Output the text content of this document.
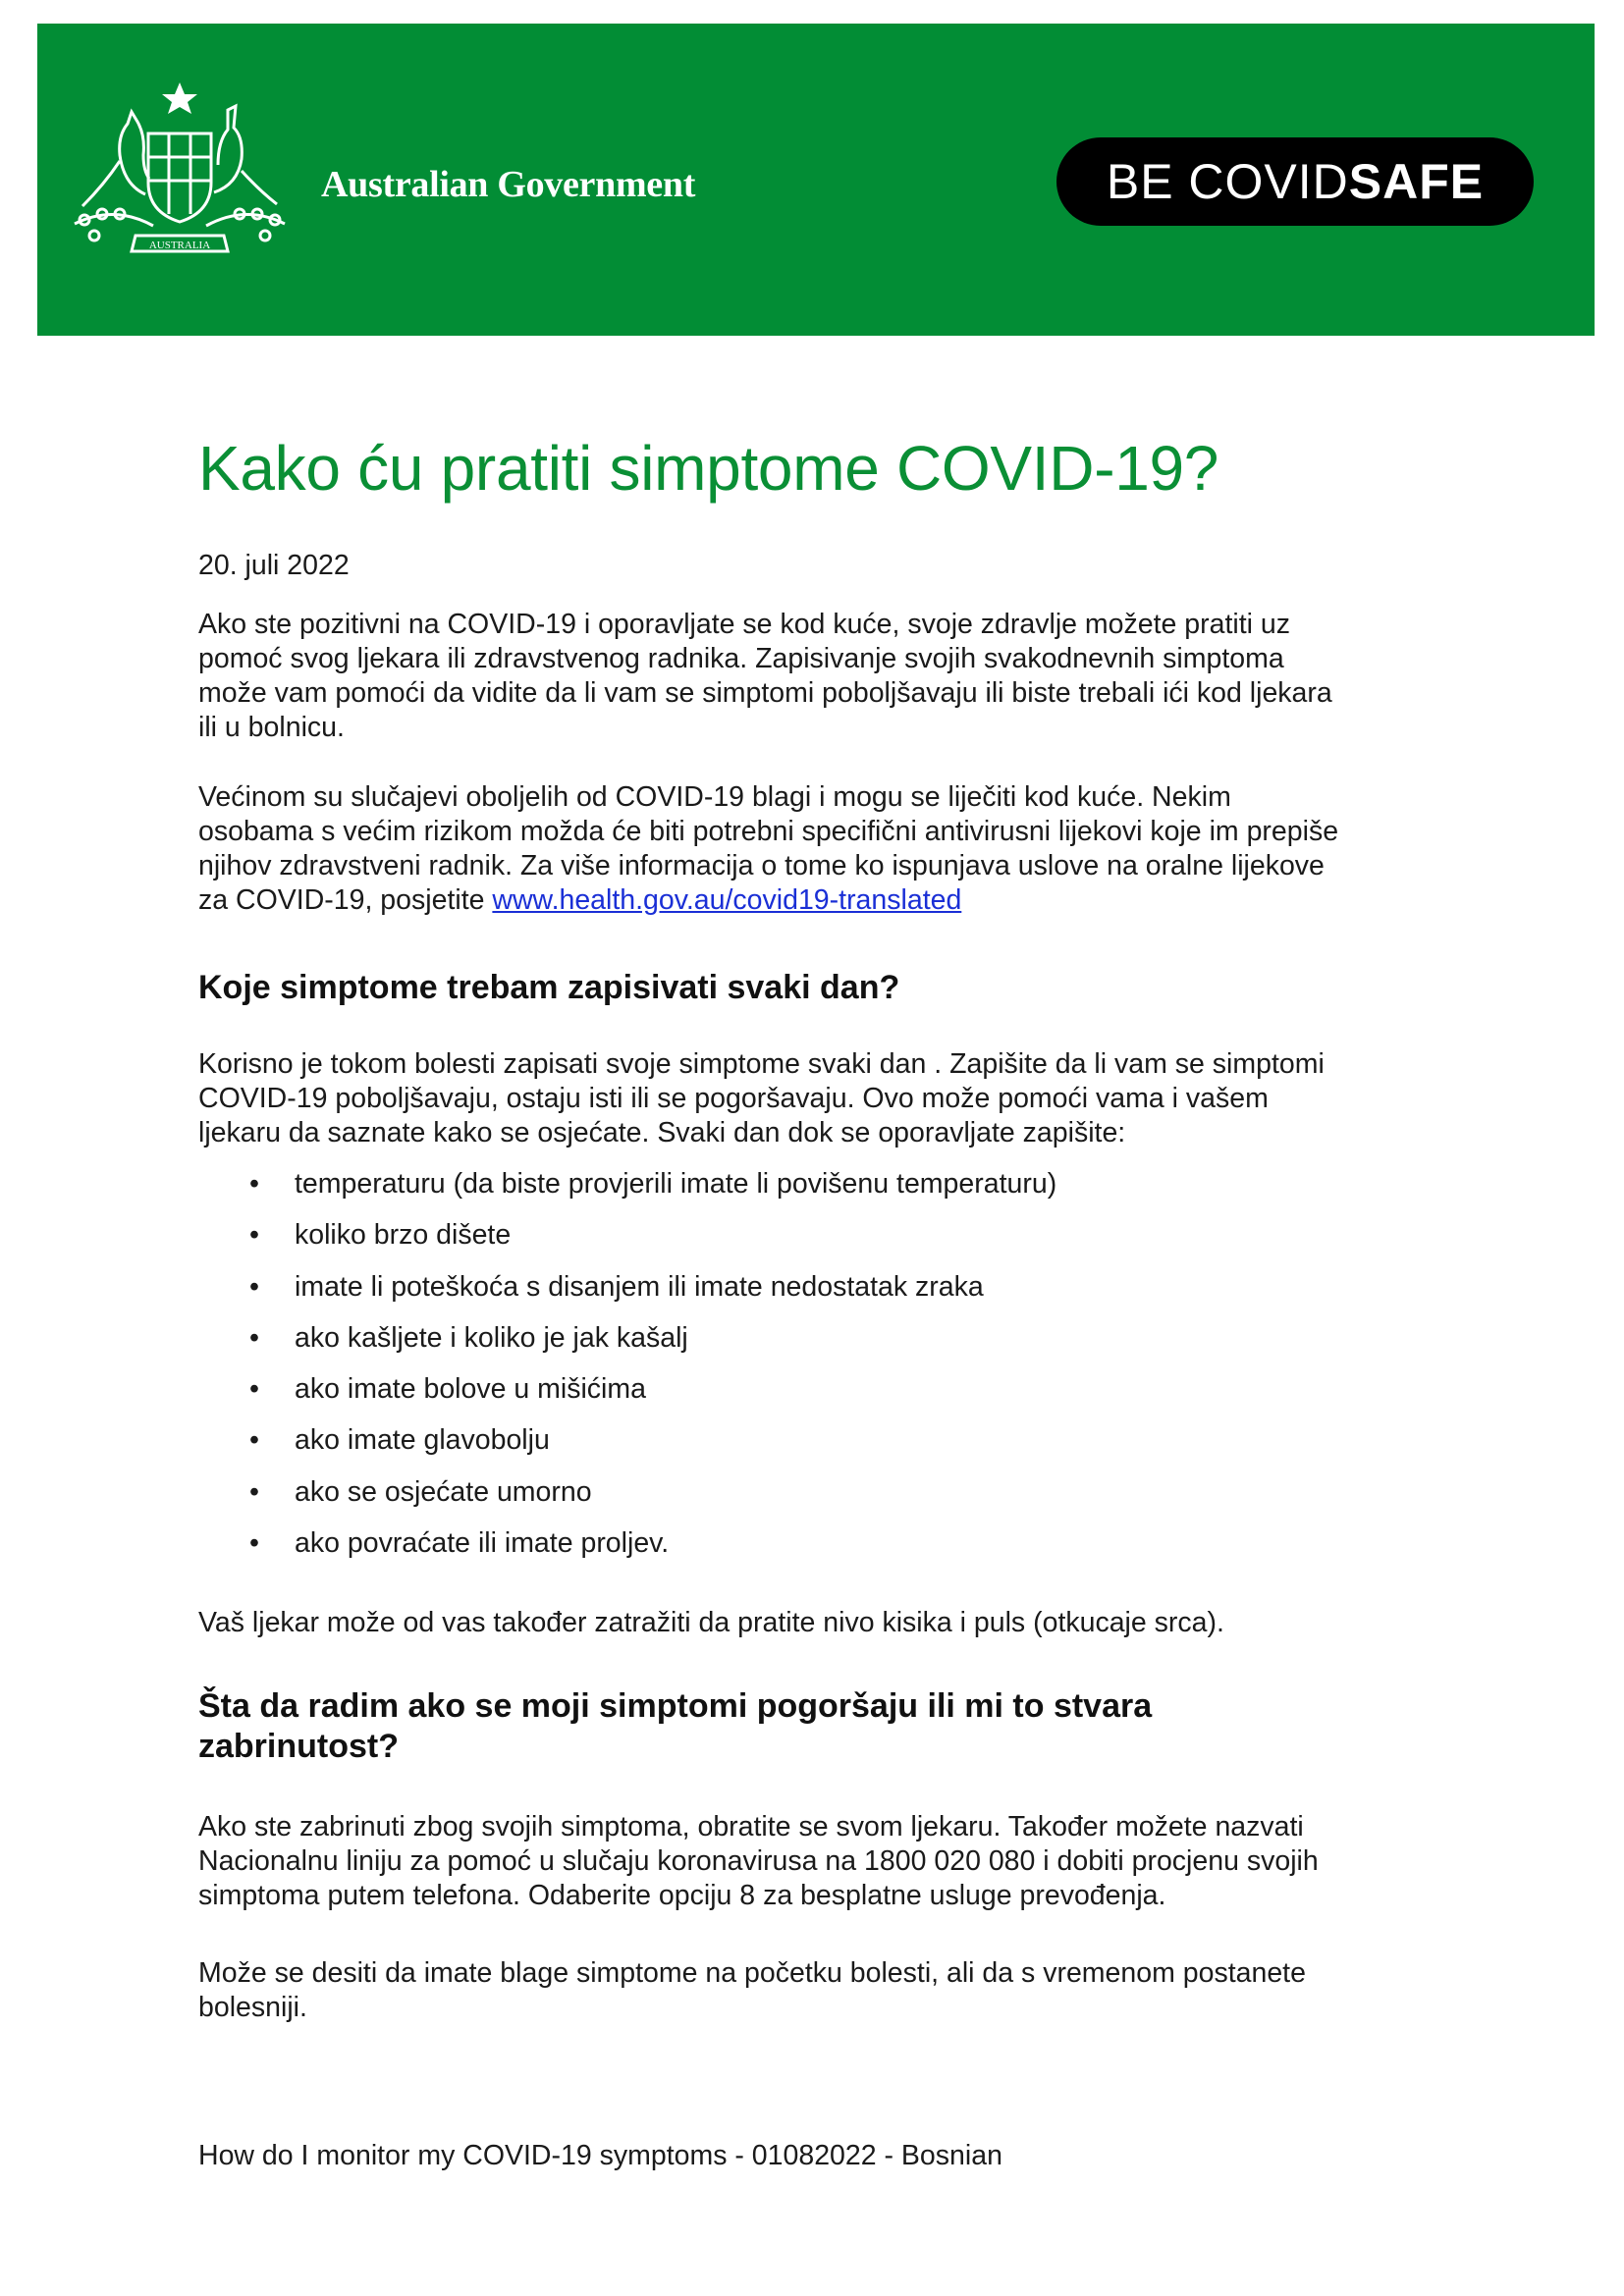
AUSTRALIA
Australian Government	BE COVID SAFE
Kako ću pratiti simptome COVID-19?

20. juli 2022

Ako ste pozitivni na COVID-19 i oporavljate se kod kuće, svoje zdravlje možete pratiti uz
pomoć svog ljekara ili zdravstvenog radnika. Zapisivanje svojih svakodnevnih simptoma
može vam pomoći da vidite da li vam se simptomi poboljšavaju ili biste trebali ići kod ljekara
ili u bolnicu.

Većinom su slučajevi oboljelih od COVID-19 blagi i mogu se liječiti kod kuće. Nekim
osobama s većim rizikom možda će biti potrebni specifični antivirusni lijekovi koje im prepiše
njihov zdravstveni radnik. Za više informacija o tome ko ispunjava uslove na oralne lijekove
za COVID-19, posjetite www.health.gov.au/covid19-translated

Koje simptome trebam zapisivati svaki dan?

Korisno je tokom bolesti zapisati svoje simptome svaki dan . Zapišite da li vam se simptomi
COVID-19 poboljšavaju, ostaju isti ili se pogoršavaju. Ovo može pomoći vama i vašem
ljekaru da saznate kako se osjećate. Svaki dan dok se oporavljate zapišite:

• temperaturu (da biste provjerili imate li povišenu temperaturu)
• koliko brzo dišete
• imate li poteškoća s disanjem ili imate nedostatak zraka
• ako kašljete i koliko je jak kašalj
• ako imate bolove u mišićima
• ako imate glavobolju
• ako se osjećate umorno
• ako povraćate ili imate proljev.

Vaš ljekar može od vas također zatražiti da pratite nivo kisika i puls (otkucaje srca).

Šta da radim ako se moji simptomi pogoršaju ili mi to stvara
zabrinutost?

Ako ste zabrinuti zbog svojih simptoma, obratite se svom ljekaru. Također možete nazvati
Nacionalnu liniju za pomoć u slučaju koronavirusa na 1800 020 080 i dobiti procjenu svojih
simptoma putem telefona. Odaberite opciju 8 za besplatne usluge prevođenja.

Može se desiti da imate blage simptome na početku bolesti, ali da s vremenom postanete
bolesniji.

How do I monitor my COVID-19 symptoms - 01082022 - Bosnian
